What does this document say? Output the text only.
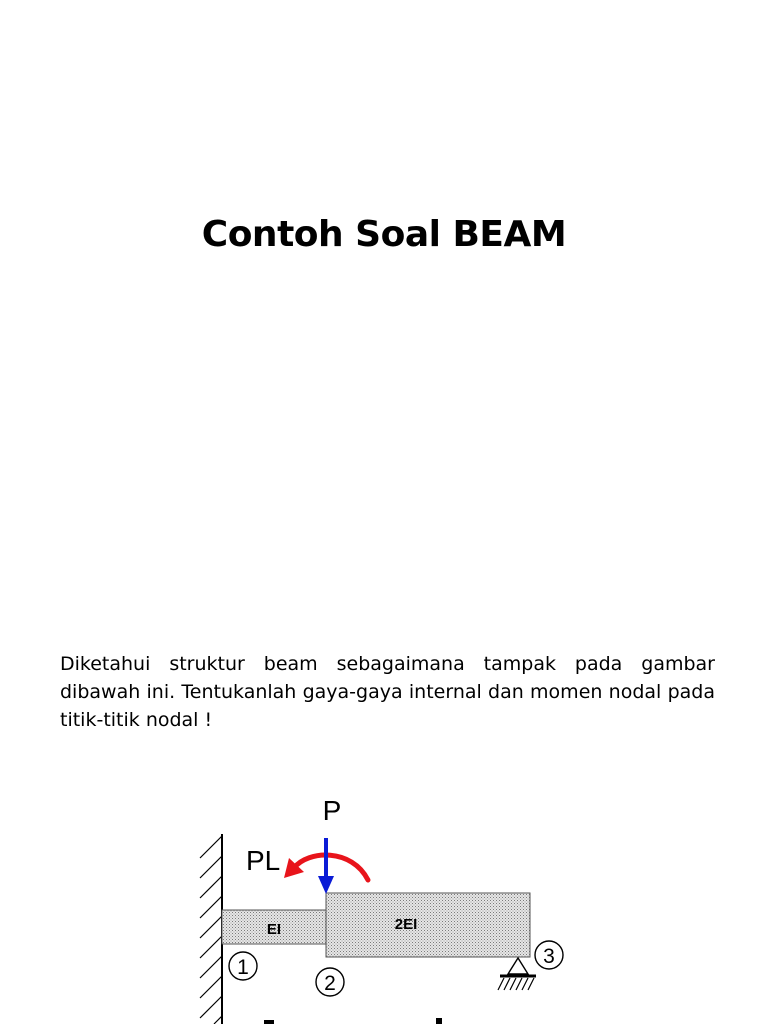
Contoh Soal BEAM

Diketahui struktur beam sebagaimana tampak pada gambar dibawah ini. Tentukanlah gaya-gaya internal dan momen nodal pada titik-titik nodal !

EI	2EI
PL
P
1
2
3
